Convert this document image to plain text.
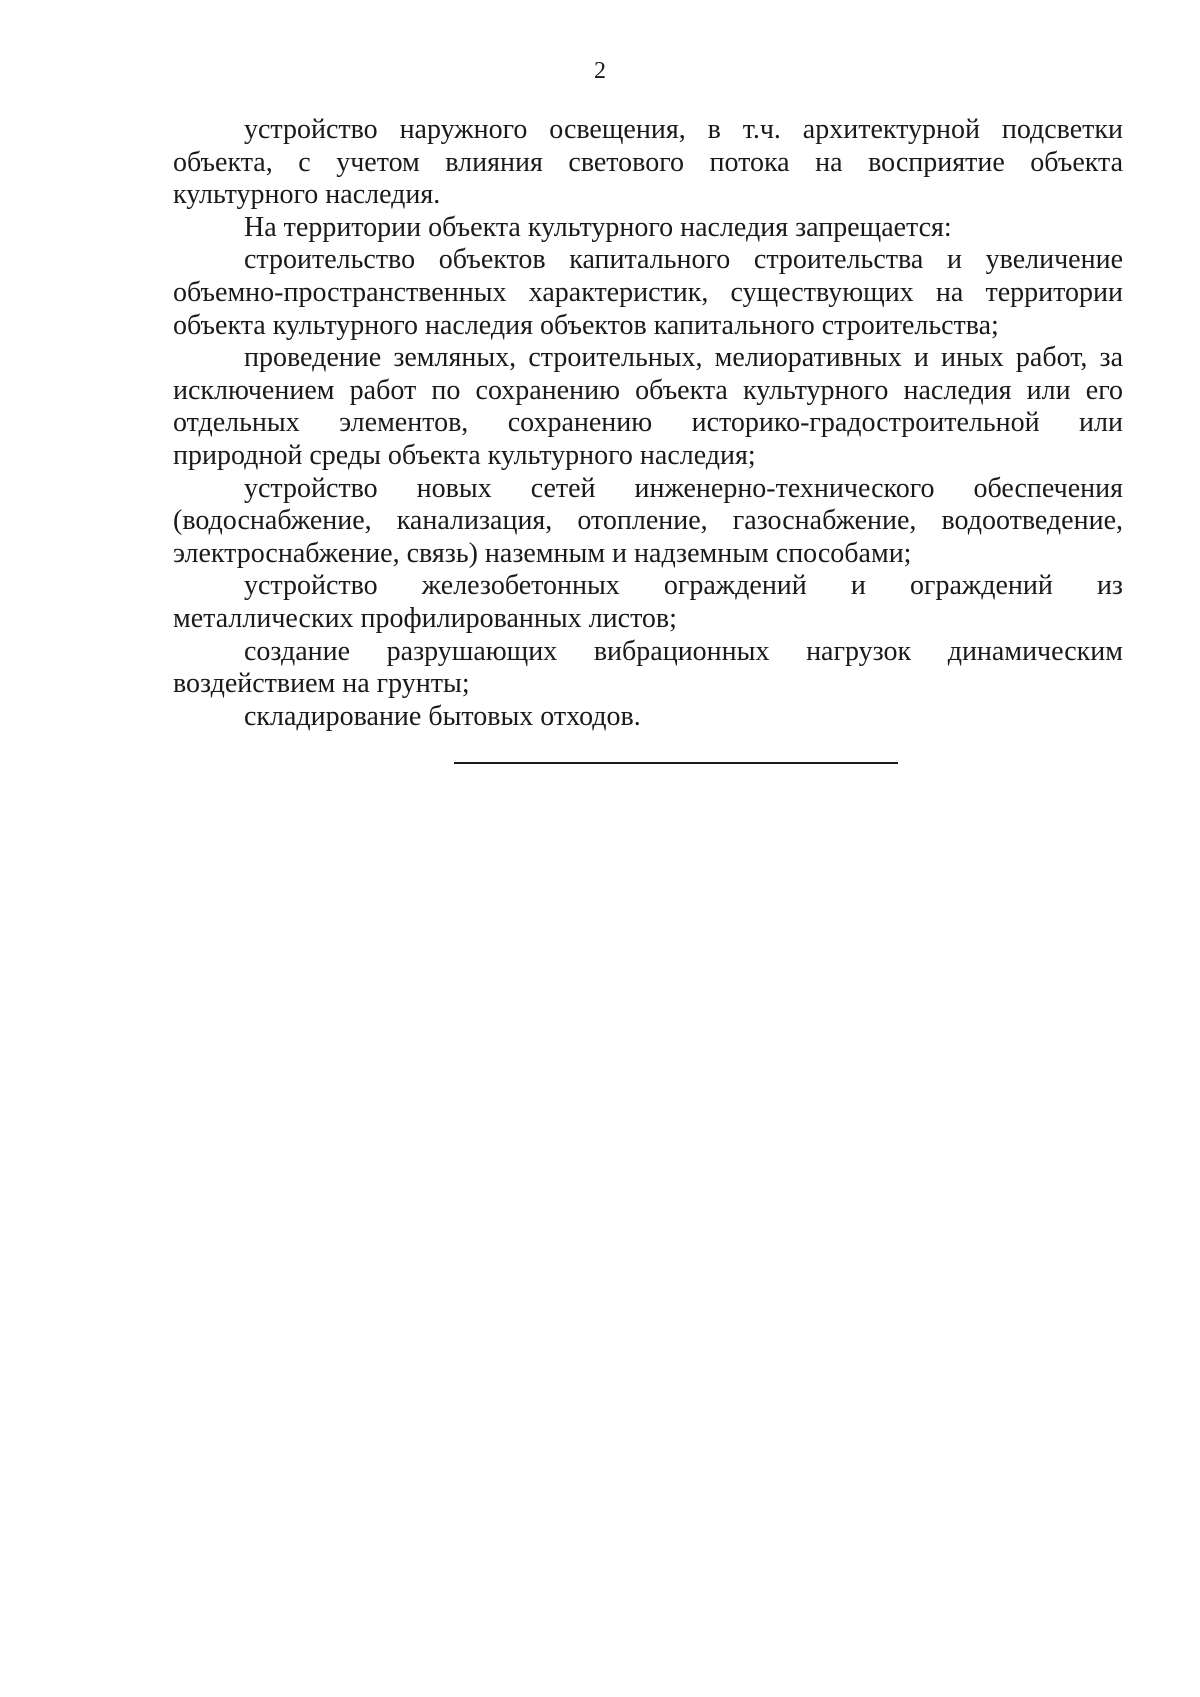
2

устройство наружного освещения, в т.ч. архитектурной подсветки объекта, с учетом влияния светового потока на восприятие объекта культурного наследия.

На территории объекта культурного наследия запрещается:

строительство объектов капитального строительства и увеличение объемно-пространственных характеристик, существующих на территории объекта культурного наследия объектов капитального строительства;

проведение земляных, строительных, мелиоративных и иных работ, за исключением работ по сохранению объекта культурного наследия или его отдельных элементов, сохранению историко-градостроительной или природной среды объекта культурного наследия;

устройство новых сетей инженерно-технического обеспечения (водоснабжение, канализация, отопление, газоснабжение, водоотведение, электроснабжение, связь) наземным и надземным способами;

устройство железобетонных ограждений и ограждений из металлических профилированных листов;

создание разрушающих вибрационных нагрузок динамическим воздействием на грунты;

складирование бытовых отходов.
